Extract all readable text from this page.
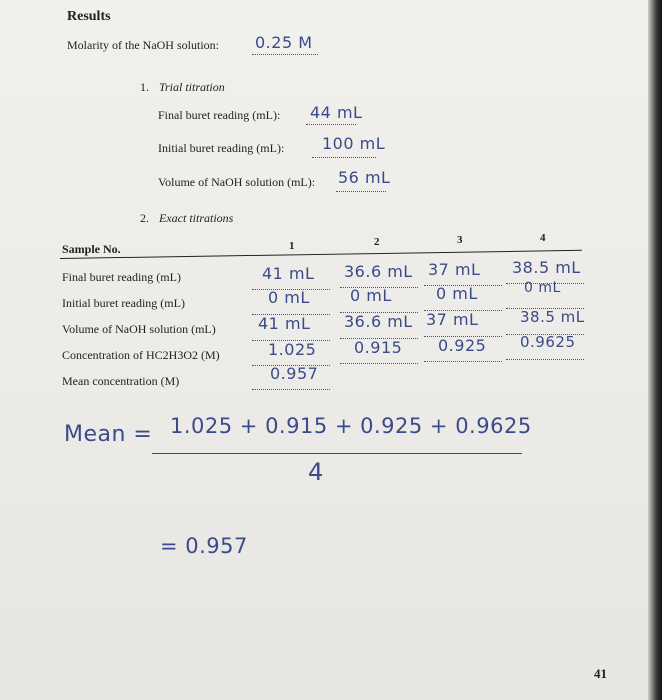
Results
Molarity of the NaOH solution: 0.25 M
1. Trial titration
Final buret reading (mL): 44 mL
Initial buret reading (mL): 100 mL
Volume of NaOH solution (mL): 56 mL
2. Exact titrations
Sample No.	1	2	3	4
Final buret reading (mL)	41 mL 36.6 mL 37 mL 38.5 mL
Initial buret reading (mL)	0 mL	0 mL	0 mL	0 mL
Volume of NaOH solution (mL)	41 mL 36.6 mL 37 mL	38.5 mL
Concentration of HC2H3O2 (M)	1.025 0.915 0.925 0.9625
Mean concentration (M)	0.957
Mean = 1.025 + 0.915 + 0.925 + 0.9625
4
= 0.957
41
